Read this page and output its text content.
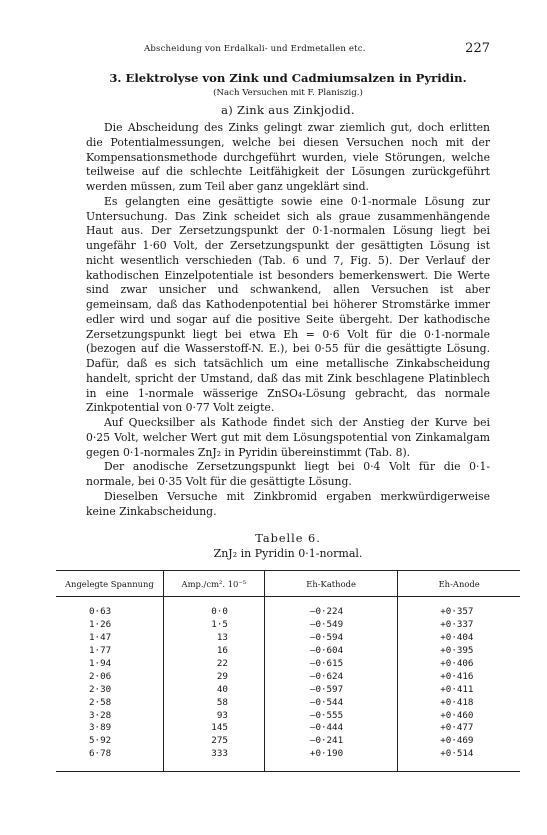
Abscheidung von Erdalkali- und Erdmetallen etc.	227
3. Elektrolyse von Zink und Cadmiumsalzen in Pyridin.
(Nach Versuchen mit F. Planiszig.)
a) Zink aus Zinkjodid.

Die Abscheidung des Zinks gelingt zwar ziemlich gut, doch erlitten die Potentialmessungen, welche bei diesen Versuchen noch mit der Kompensationsmethode durchgeführt wurden, viele Störungen, welche teilweise auf die schlechte Leitfähigkeit der Lösungen zurückgeführt werden müssen, zum Teil aber ganz ungeklärt sind.

Es gelangten eine gesättigte sowie eine 0·1-normale Lösung zur Untersuchung. Das Zink scheidet sich als graue zusammenhängende Haut aus. Der Zersetzungspunkt der 0·1-normalen Lösung liegt bei ungefähr 1·60 Volt, der Zersetzungspunkt der gesättigten Lösung ist nicht wesentlich verschieden (Tab. 6 und 7, Fig. 5). Der Verlauf der kathodischen Einzelpotentiale ist besonders bemerkenswert. Die Werte sind zwar unsicher und schwankend, allen Versuchen ist aber gemeinsam, daß das Kathodenpotential bei höherer Stromstärke immer edler wird und sogar auf die positive Seite übergeht. Der kathodische Zersetzungspunkt liegt bei etwa Eh = 0·6 Volt für die 0·1-normale (bezogen auf die Wasserstoff-N. E.), bei 0·55 für die gesättigte Lösung. Dafür, daß es sich tatsächlich um eine metallische Zinkabscheidung handelt, spricht der Umstand, daß das mit Zink beschlagene Platinblech in eine 1-normale wässerige ZnSO₄-Lösung gebracht, das normale Zinkpotential von 0·77 Volt zeigte.

Auf Quecksilber als Kathode findet sich der Anstieg der Kurve bei 0·25 Volt, welcher Wert gut mit dem Lösungspotential von Zinkamalgam gegen 0·1-normales ZnJ₂ in Pyridin übereinstimmt (Tab. 8).

Der anodische Zersetzungspunkt liegt bei 0·4 Volt für die 0·1-normale, bei 0·35 Volt für die gesättigte Lösung.

Dieselben Versuche mit Zinkbromid ergaben merkwürdigerweise keine Zinkabscheidung.

Tabelle 6.
ZnJ₂ in Pyridin 0·1-normal.
Angelegte Spannung	Amp./cm². 10⁻⁵	Eh-Kathode	Eh-Anode
0·63	0·0	—0·224	+0·357
1·26	1·5	—0·549	+0·337
1·47	13	—0·594	+0·404
1·77	16	—0·604	+0·395
1·94	22	—0·615	+0·406
2·06	29	—0·624	+0·416
2·30	40	—0·597	+0·411
2·58	58	—0·544	+0·418
3·28	93	—0·555	+0·460
3·89	145	—0·444	+0·477
5·92	275	—0·241	+0·469
6·78	333	+0·190	+0·514
